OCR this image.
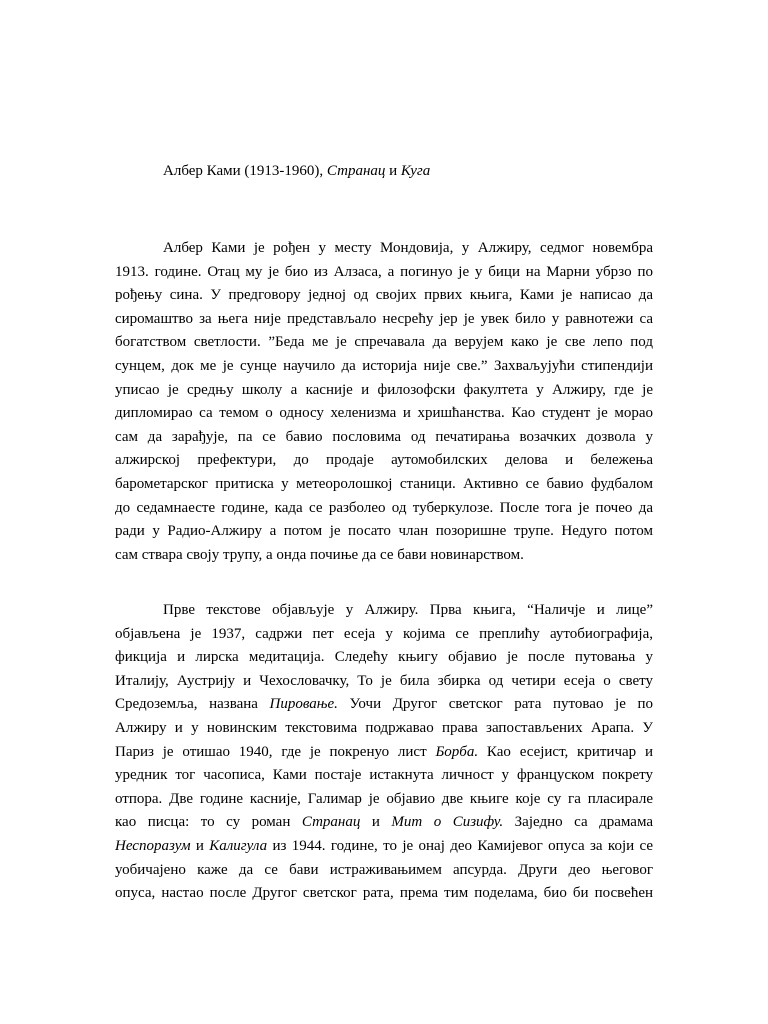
Албер Ками (1913-1960), Странац и Куга
Албер Ками је рођен у месту Мондовија, у Алжиру, седмог новембра
1913. године. Отац му је био из Алзаса, а погинуо је у бици на Марни убрзо по
рођењу сина. У предговору једној од својих првих књига, Ками је написао да
сиромаштво за њега није представљало несрећу јер је увек било у равнотежи са
богатством светлости. ”Беда ме је спречавала да верујем како је све лепо под
сунцем, док ме је сунце научило да историја није све.” Захваљујући стипендији
уписао је средњу школу а касније и филозофски факултета у Алжиру, где је
дипломирао са темом о односу хеленизма и хришћанства. Као студент је морао
сам да зарађује, па се бавио пословима од печатирања возачких дозвола у
алжирској префектури, до продаје аутомобилских делова и бележења
барометарског притиска у метеоролошкој станици. Активно се бавио фудбалом
до седамнаесте године, када се разболео од туберкулозе. После тога је почео да
ради у Радио-Алжиру а потом је посато члан позоришне трупе. Недуго потом
сам ствара своју трупу, а онда почиње да се бави новинарством.
Прве текстове објављује у Алжиру. Прва књига, “Наличје и лице”
објављена је 1937, садржи пет есеја у којима се преплићу аутобиографија,
фикција и лирска медитација. Следећу књигу објавио је после путовања у
Италију, Аустрију и Чехословачку, То је била збирка од четири есеја о свету
Средоземља, названа Пировање. Уочи Другог светског рата путовао је по
Алжиру и у новинским текстовима подржавао права запостављених Арапа. У
Париз је отишао 1940, где је покренуо лист Борба. Као есејист, критичар и
уредник тог часописа, Ками постаје истакнута личност у француском покрету
отпора. Две године касније, Галимар је објавио две књиге које су га пласирале
као писца: то су роман Странац и Мит о Сизифу. Заједно са драмама
Неспоразум и Калигула из 1944. године, то је онај део Камијевог опуса за који се
уобичајено каже да се бави истраживањимем апсурда. Други део његовог
опуса, настао после Другог светског рата, према тим поделама, био би посвећен
